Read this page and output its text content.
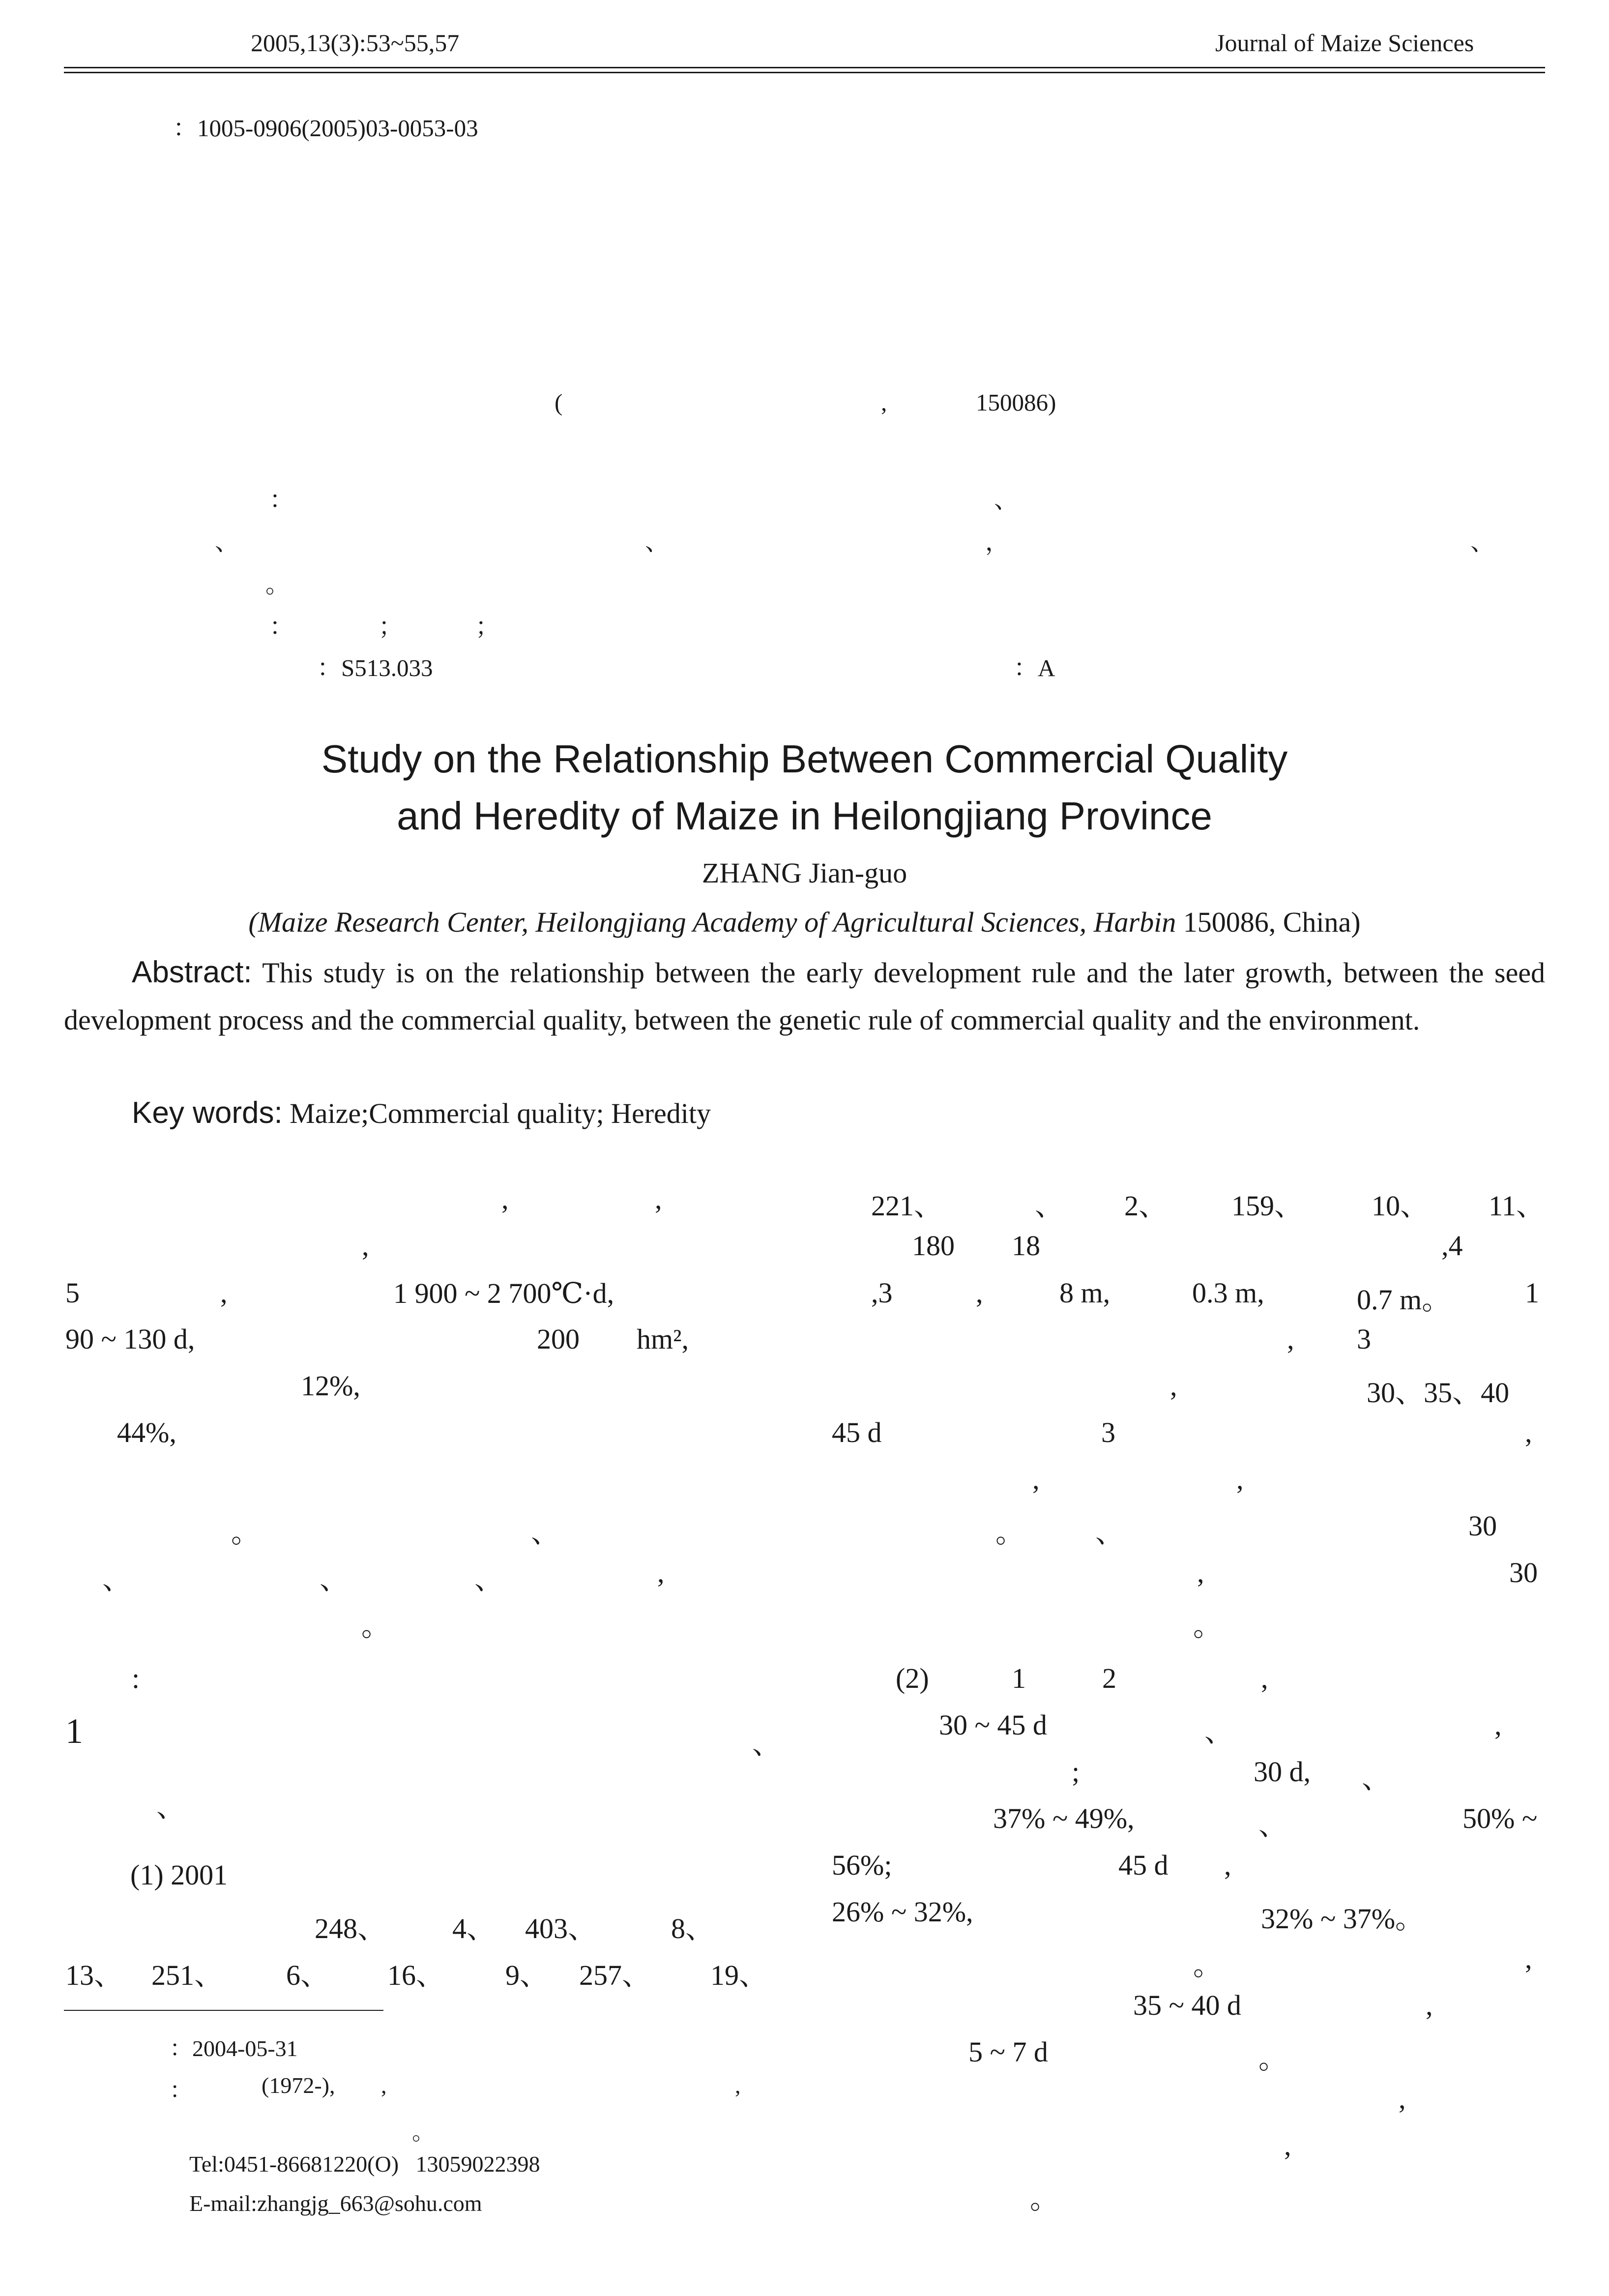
2005,13(3):53~55,57	Journal of Maize Sciences
：1005-0906(2005)03-0053-03
(	,	150086)
：	、
、	、	，	、
。
：	；	；
：S513.033	：A
Study on the Relationship Between Commercial Quality
and Heredity of Maize in Heilongjiang Province
ZHANG Jian-guo
(Maize Research Center, Heilongjiang Academy of Agricultural Sciences, Harbin 150086, China)
Abstract: This study is on the relationship between the early development rule and the later growth, between the seed development process and the commercial quality, between the genetic rule of commercial quality and the environment.
Key words: Maize;Commercial quality; Heredity
,	,
,
5	,	1 900 ~ 2 700℃·d,
90 ~ 130 d,	200 hm²,
12%,
44%,
。	、
、	、	、	,
。
:
1	、
、
(1) 2001
248、 4、 403、	8、
13、 251、 6、 16、 9、 257、 19、
：2004-05-31
：	(1972-), ,	,
。
Tel:0451-86681220(O)   13059022398
E-mail:zhangjg_663@sohu.com
221、	、 2、 159、 10、 11、
180 18	,4
,3	,	8 m,	0.3 m,	0.7 m。	1
, 3
,	30、35、40
45 d	3	,
,	,
。 、	30
,	30
。
(2)	1	2	,
30 ~ 45 d	、	,
;	30 d, 、
37% ~ 49%,	、	50% ~
56%;	45 d ,
26% ~ 32%,	32% ~ 37%。
。	,
35 ~ 40 d	,
5 ~ 7 d	。
,
,
。
